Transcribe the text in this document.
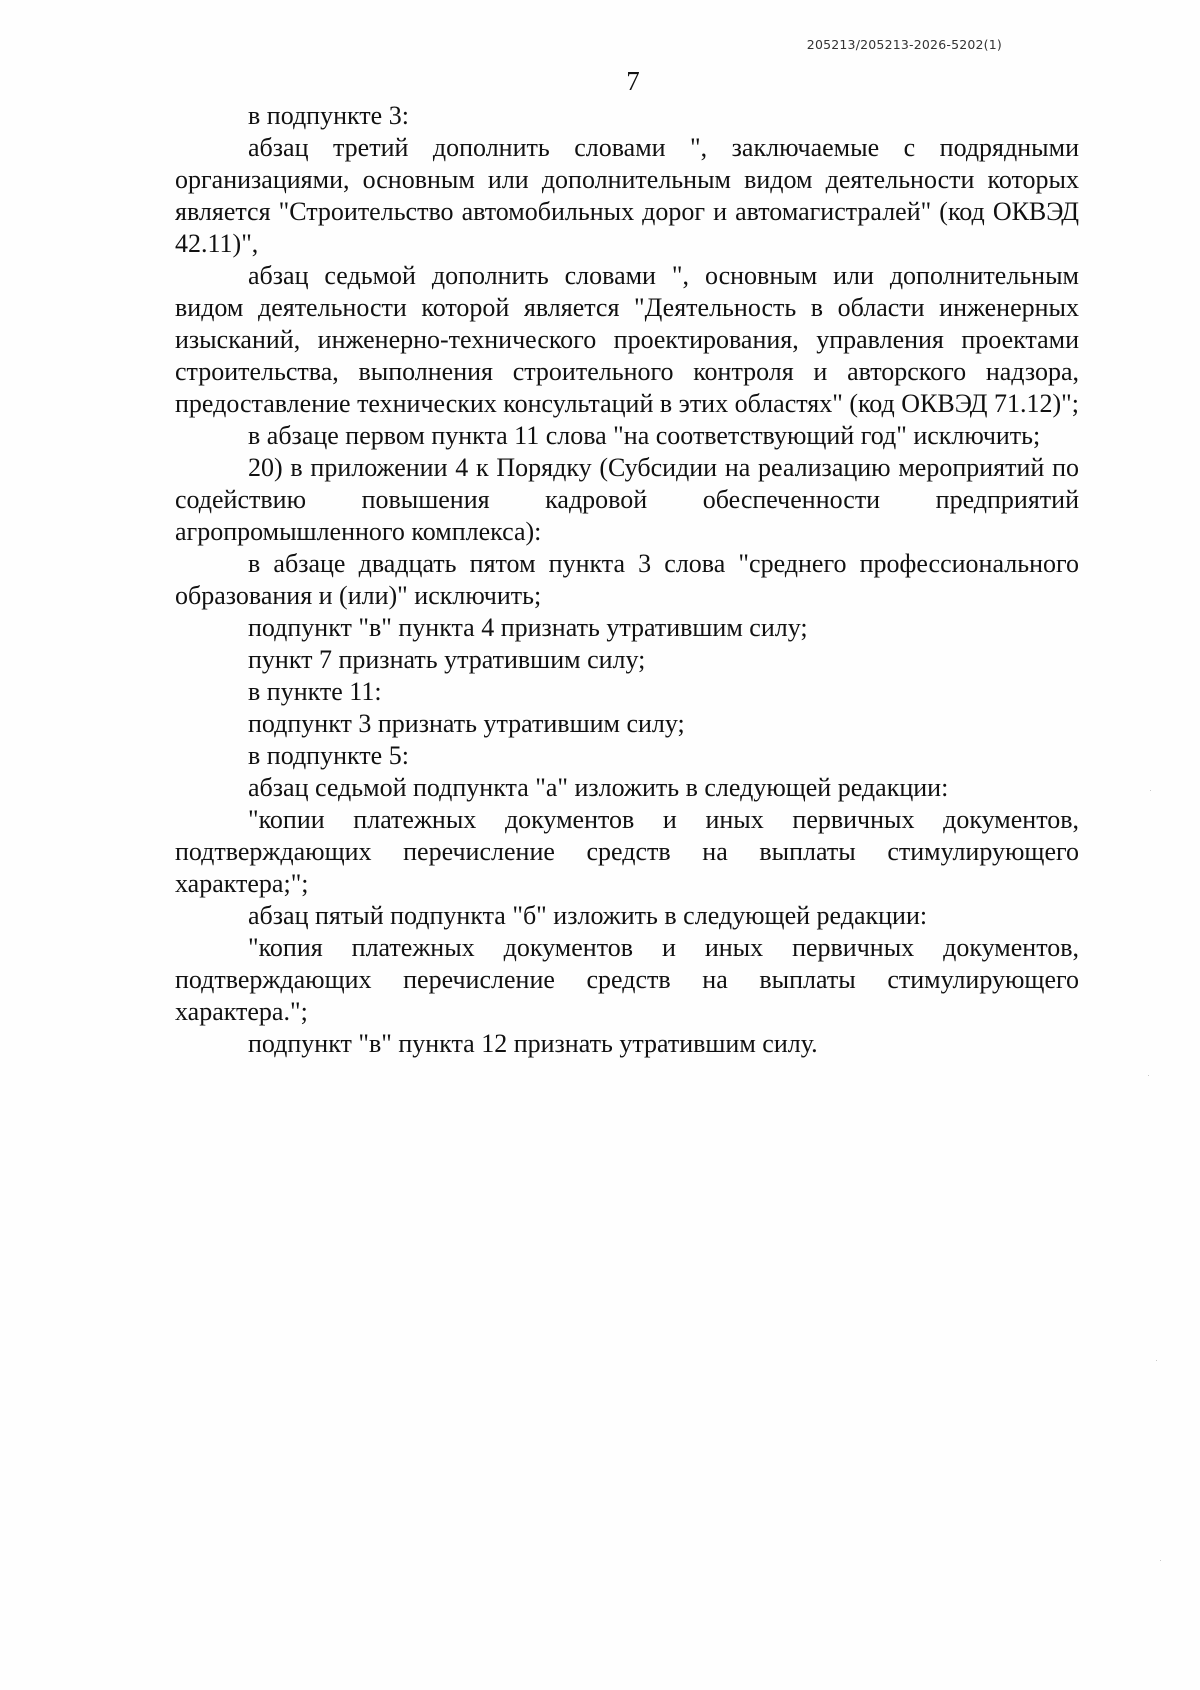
205213/205213-2026-5202(1)
7

в подпункте 3:

абзац третий дополнить словами ", заключаемые с подрядными организациями, основным или дополнительным видом деятельности которых является "Строительство автомобильных дорог и автомагистралей" (код ОКВЭД 42.11)",

абзац седьмой дополнить словами ", основным или дополнительным видом деятельности которой является "Деятельность в области инженерных изысканий, инженерно-технического проектирования, управления проектами строительства, выполнения строительного контроля и авторского надзора, предоставление технических консультаций в этих областях" (код ОКВЭД 71.12)";

в абзаце первом пункта 11 слова "на соответствующий год" исключить;

20) в приложении 4 к Порядку (Субсидии на реализацию мероприятий по содействию повышения кадровой обеспеченности предприятий агропромышленного комплекса):

в абзаце двадцать пятом пункта 3 слова "среднего профессионального образования и (или)" исключить;

подпункт "в" пункта 4 признать утратившим силу;

пункт 7 признать утратившим силу;

в пункте 11:

подпункт 3 признать утратившим силу;

в подпункте 5:

абзац седьмой подпункта "а" изложить в следующей редакции:

"копии платежных документов и иных первичных документов, подтверждающих перечисление средств на выплаты стимулирующего характера;";

абзац пятый подпункта "б" изложить в следующей редакции:

"копия платежных документов и иных первичных документов, подтверждающих перечисление средств на выплаты стимулирующего характера.";

подпункт "в" пункта 12 признать утратившим силу.
